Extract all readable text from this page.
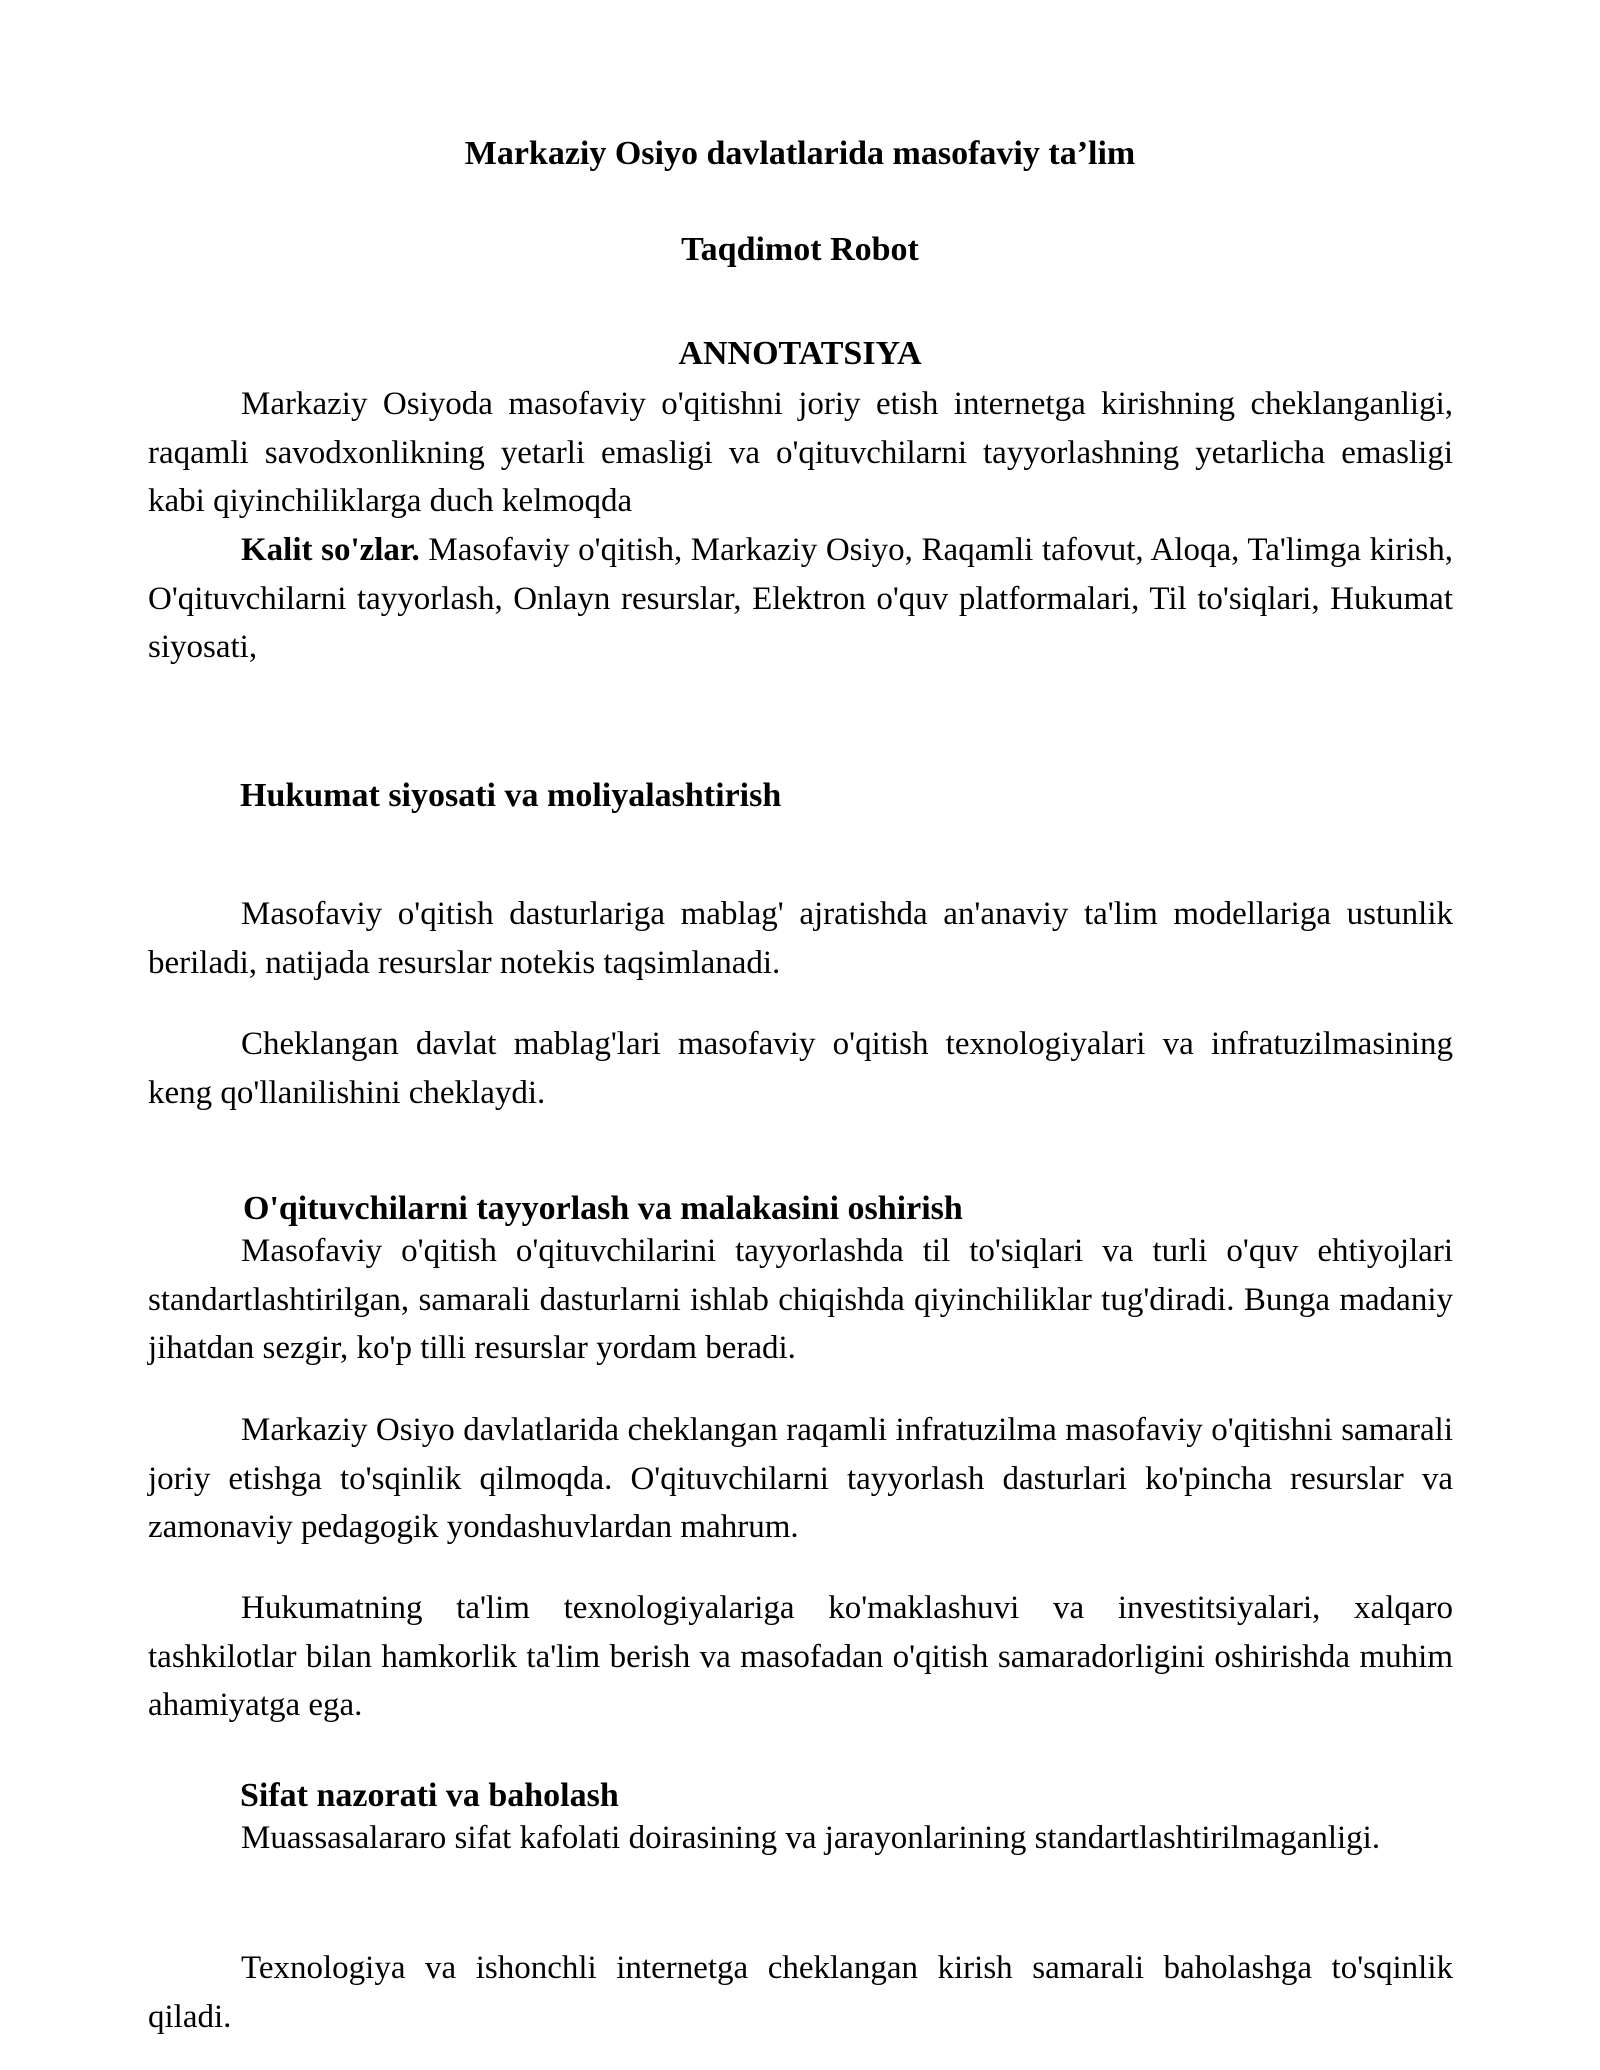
Markaziy Osiyo davlatlarida masofaviy ta’lim
Taqdimot Robot
ANNOTATSIYA

Markaziy Osiyoda masofaviy o'qitishni joriy etish internetga kirishning cheklanganligi, raqamli savodxonlikning yetarli emasligi va o'qituvchilarni tayyorlashning yetarlicha emasligi kabi qiyinchiliklarga duch kelmoqda

Kalit so'zlar. Masofaviy o'qitish, Markaziy Osiyo, Raqamli tafovut, Aloqa, Ta'limga kirish, O'qituvchilarni tayyorlash, Onlayn resurslar, Elektron o'quv platformalari, Til to'siqlari, Hukumat siyosati,

Hukumat siyosati va moliyalashtirish

Masofaviy o'qitish dasturlariga mablag' ajratishda an'anaviy ta'lim modellariga ustunlik beriladi, natijada resurslar notekis taqsimlanadi.

Cheklangan davlat mablag'lari masofaviy o'qitish texnologiyalari va infratuzilmasining keng qo'llanilishini cheklaydi.

O'qituvchilarni tayyorlash va malakasini oshirish

Masofaviy o'qitish o'qituvchilarini tayyorlashda til to'siqlari va turli o'quv ehtiyojlari standartlashtirilgan, samarali dasturlarni ishlab chiqishda qiyinchiliklar tug'diradi. Bunga madaniy jihatdan sezgir, ko'p tilli resurslar yordam beradi.

Markaziy Osiyo davlatlarida cheklangan raqamli infratuzilma masofaviy o'qitishni samarali joriy etishga to'sqinlik qilmoqda. O'qituvchilarni tayyorlash dasturlari ko'pincha resurslar va zamonaviy pedagogik yondashuvlardan mahrum.

Hukumatning ta'lim texnologiyalariga ko'maklashuvi va investitsiyalari, xalqaro tashkilotlar bilan hamkorlik ta'lim berish va masofadan o'qitish samaradorligini oshirishda muhim ahamiyatga ega.

Sifat nazorati va baholash

Muassasalararo sifat kafolati doirasining va jarayonlarining standartlashtirilmaganligi.

Texnologiya va ishonchli internetga cheklangan kirish samarali baholashga to'sqinlik qiladi.
